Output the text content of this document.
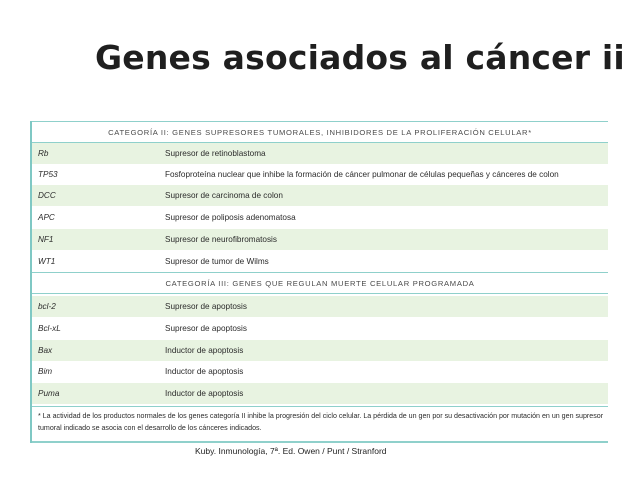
Genes asociados al cáncer ii
CATEGORÍA II: GENES SUPRESORES TUMORALES, INHIBIDORES DE LA PROLIFERACIÓN CELULAR*
Rb	Supresor de retinoblastoma
TP53	Fosfoproteína nuclear que inhibe la formación de cáncer pulmonar de células pequeñas y cánceres de colon
DCC	Supresor de carcinoma de colon
APC	Supresor de poliposis adenomatosa
NF1	Supresor de neurofibromatosis
WT1	Supresor de tumor de Wilms
CATEGORÍA III: GENES QUE REGULAN MUERTE CELULAR PROGRAMADA
bcl-2	Supresor de apoptosis
Bcl-xL	Supresor de apoptosis
Bax	Inductor de apoptosis
Bim	Inductor de apoptosis
Puma	Inductor de apoptosis
* La actividad de los productos normales de los genes categoría II inhibe la progresión del ciclo celular. La pérdida de un gen por su desactivación por mutación en un gen supresor tumoral indicado se asocia con el desarrollo de los cánceres indicados.
Kuby. Inmunología, 7ª. Ed. Owen / Punt / Stranford
